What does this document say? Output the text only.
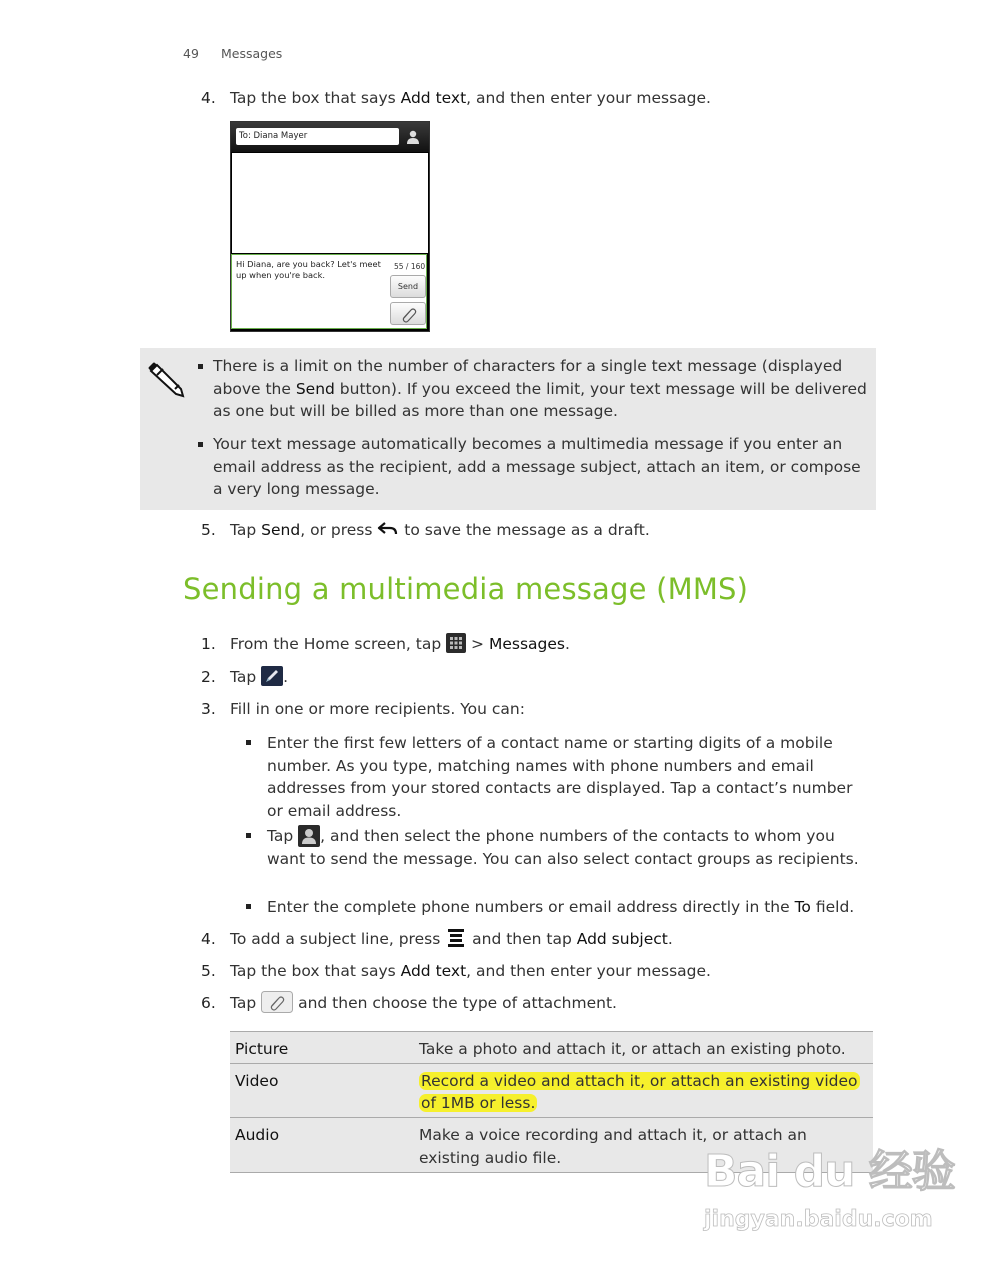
49 Messages
4. Tap the box that says Add text, and then enter your message.
To: Diana Mayer
Hi Diana, are you back? Let's meet up when you're back.
55 / 160
Send
There is a limit on the number of characters for a single text message (displayed above the Send button). If you exceed the limit, your text message will be delivered as one but will be billed as more than one message.
Your text message automatically becomes a multimedia message if you enter an email address as the recipient, add a message subject, attach an item, or compose a very long message.
5. Tap Send, or press  to save the message as a draft.
Sending a multimedia message (MMS)
1. From the Home screen, tap  > Messages.
2. Tap .
3. Fill in one or more recipients. You can:
Enter the first few letters of a contact name or starting digits of a mobile number. As you type, matching names with phone numbers and email addresses from your stored contacts are displayed. Tap a contact’s number or email address.
Tap , and then select the phone numbers of the contacts to whom you want to send the message. You can also select contact groups as recipients.
Enter the complete phone numbers or email address directly in the To field.
4. To add a subject line, press  and then tap Add subject.
5. Tap the box that says Add text, and then enter your message.
6. Tap  and then choose the type of attachment.
Picture	Take a photo and attach it, or attach an existing photo.
Video	Record a video and attach it, or attach an existing video of 1MB or less.
Audio	Make a voice recording and attach it, or attach an existing audio file.	Bai du 经验
jingyan.baidu.com
